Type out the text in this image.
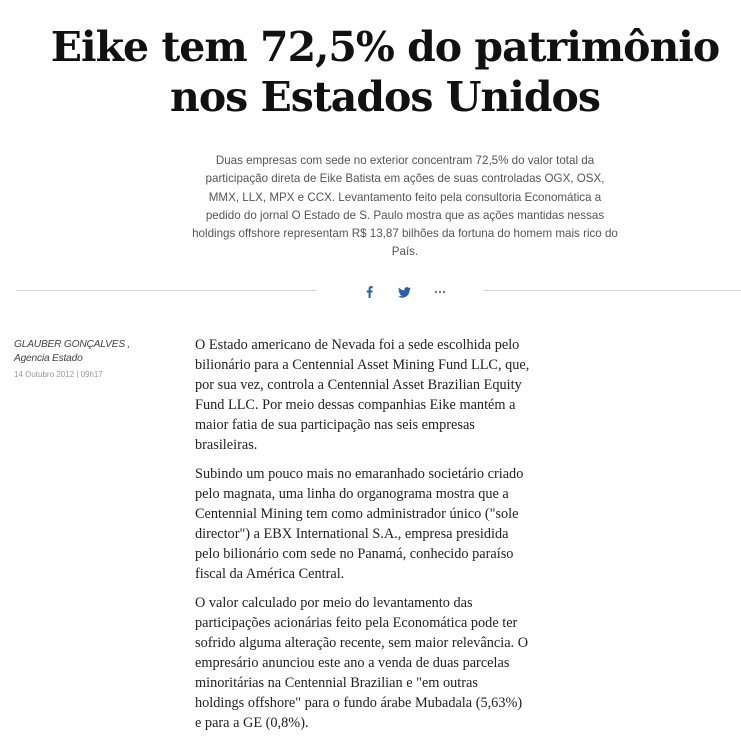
Eike tem 72,5% do patrimônio nos Estados Unidos

Duas empresas com sede no exterior concentram 72,5% do valor total da participação direta de Eike Batista em ações de suas controladas OGX, OSX, MMX, LLX, MPX e CCX. Levantamento feito pela consultoria Economática a pedido do jornal O Estado de S. Paulo mostra que as ações mantidas nessas holdings offshore representam R$ 13,87 bilhões da fortuna do homem mais rico do País.

GLAUBER GONÇALVES ,
Agencia Estado
14 Outubro 2012 | 09h17

O Estado americano de Nevada foi a sede escolhida pelo bilionário para a Centennial Asset Mining Fund LLC, que, por sua vez, controla a Centennial Asset Brazilian Equity Fund LLC. Por meio dessas companhias Eike mantém a maior fatia de sua participação nas seis empresas brasileiras.

Subindo um pouco mais no emaranhado societário criado pelo magnata, uma linha do organograma mostra que a Centennial Mining tem como administrador único ("sole director") a EBX International S.A., empresa presidida pelo bilionário com sede no Panamá, conhecido paraíso fiscal da América Central.

O valor calculado por meio do levantamento das participações acionárias feito pela Economática pode ter sofrido alguma alteração recente, sem maior relevância. O empresário anunciou este ano a venda de duas parcelas minoritárias na Centennial Brazilian e "em outras holdings offshore" para o fundo árabe Mubadala (5,63%) e para a GE (0,8%).
